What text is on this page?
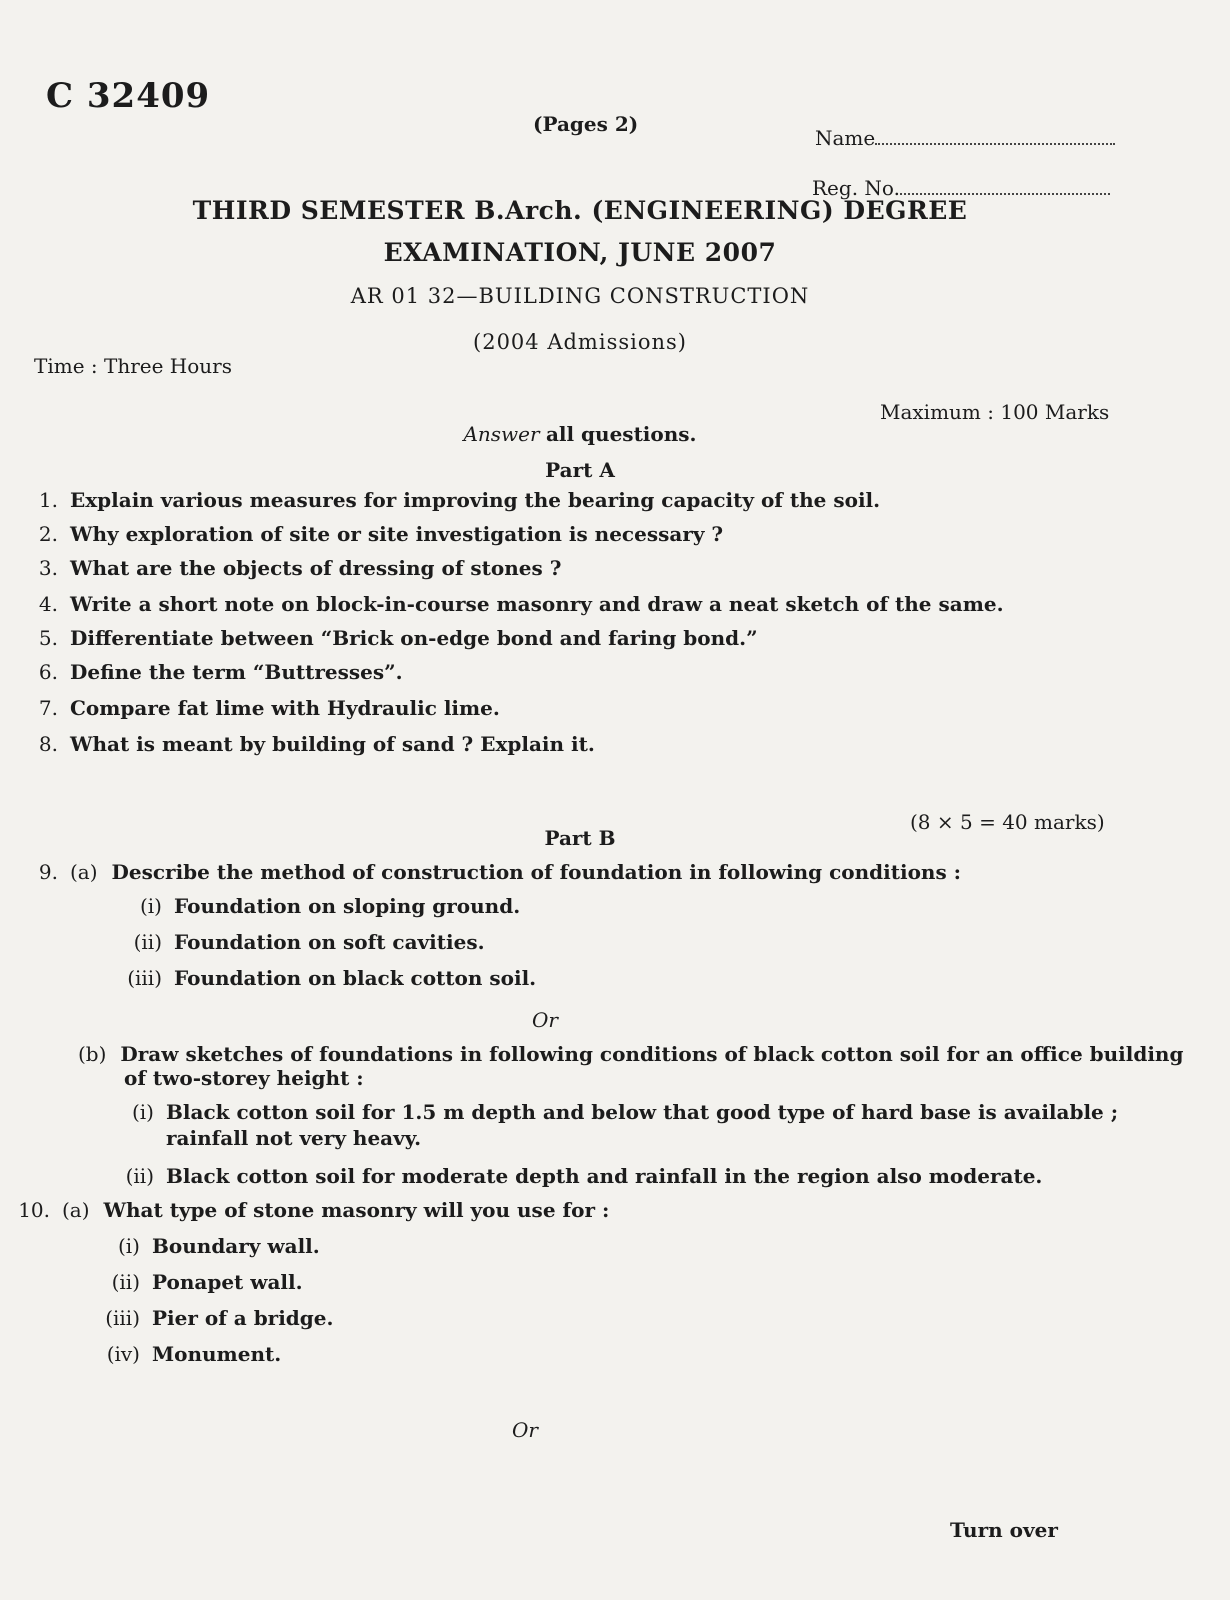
C 32409
(Pages 2)
Name
Reg. No.
THIRD SEMESTER B.Arch. (ENGINEERING) DEGREE
EXAMINATION, JUNE 2007
AR 01 32—BUILDING CONSTRUCTION
(2004 Admissions)
Time : Three Hours
Maximum : 100 Marks
Answer all questions.
Part A
1. Explain various measures for improving the bearing capacity of the soil.
2. Why exploration of site or site investigation is necessary ?
3. What are the objects of dressing of stones ?
4. Write a short note on block-in-course masonry and draw a neat sketch of the same.
5. Differentiate between “Brick on-edge bond and faring bond.”
6. Define the term “Buttresses”.
7. Compare fat lime with Hydraulic lime.
8. What is meant by building of sand ? Explain it.
(8 × 5 = 40 marks)
Part B
9. (a) Describe the method of construction of foundation in following conditions :
(i) Foundation on sloping ground.
(ii) Foundation on soft cavities.
(iii) Foundation on black cotton soil.
Or
(b) Draw sketches of foundations in following conditions of black cotton soil for an office building
of two-storey height :
(i) Black cotton soil for 1.5 m depth and below that good type of hard base is available ;
rainfall not very heavy.
(ii) Black cotton soil for moderate depth and rainfall in the region also moderate.
10. (a) What type of stone masonry will you use for :
(i) Boundary wall.
(ii) Ponapet wall.
(iii) Pier of a bridge.
(iv) Monument.
Or
Turn over
